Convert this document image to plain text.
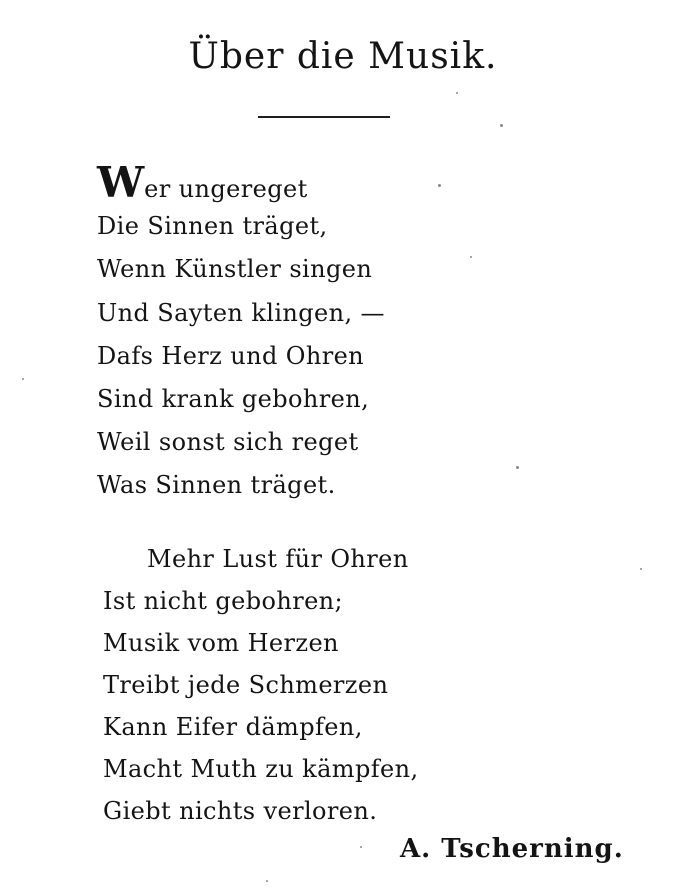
Über die Musik.
Wer ungereget
Die Sinnen träget,
Wenn Künstler singen
Und Sayten klingen, —
Dafs Herz und Ohren
Sind krank gebohren,
Weil sonst sich reget
Was Sinnen träget.
Mehr Lust für Ohren
Ist nicht gebohren;
Musik vom Herzen
Treibt jede Schmerzen
Kann Eifer dämpfen,
Macht Muth zu kämpfen,
Giebt nichts verloren.
A. Tscherning.
